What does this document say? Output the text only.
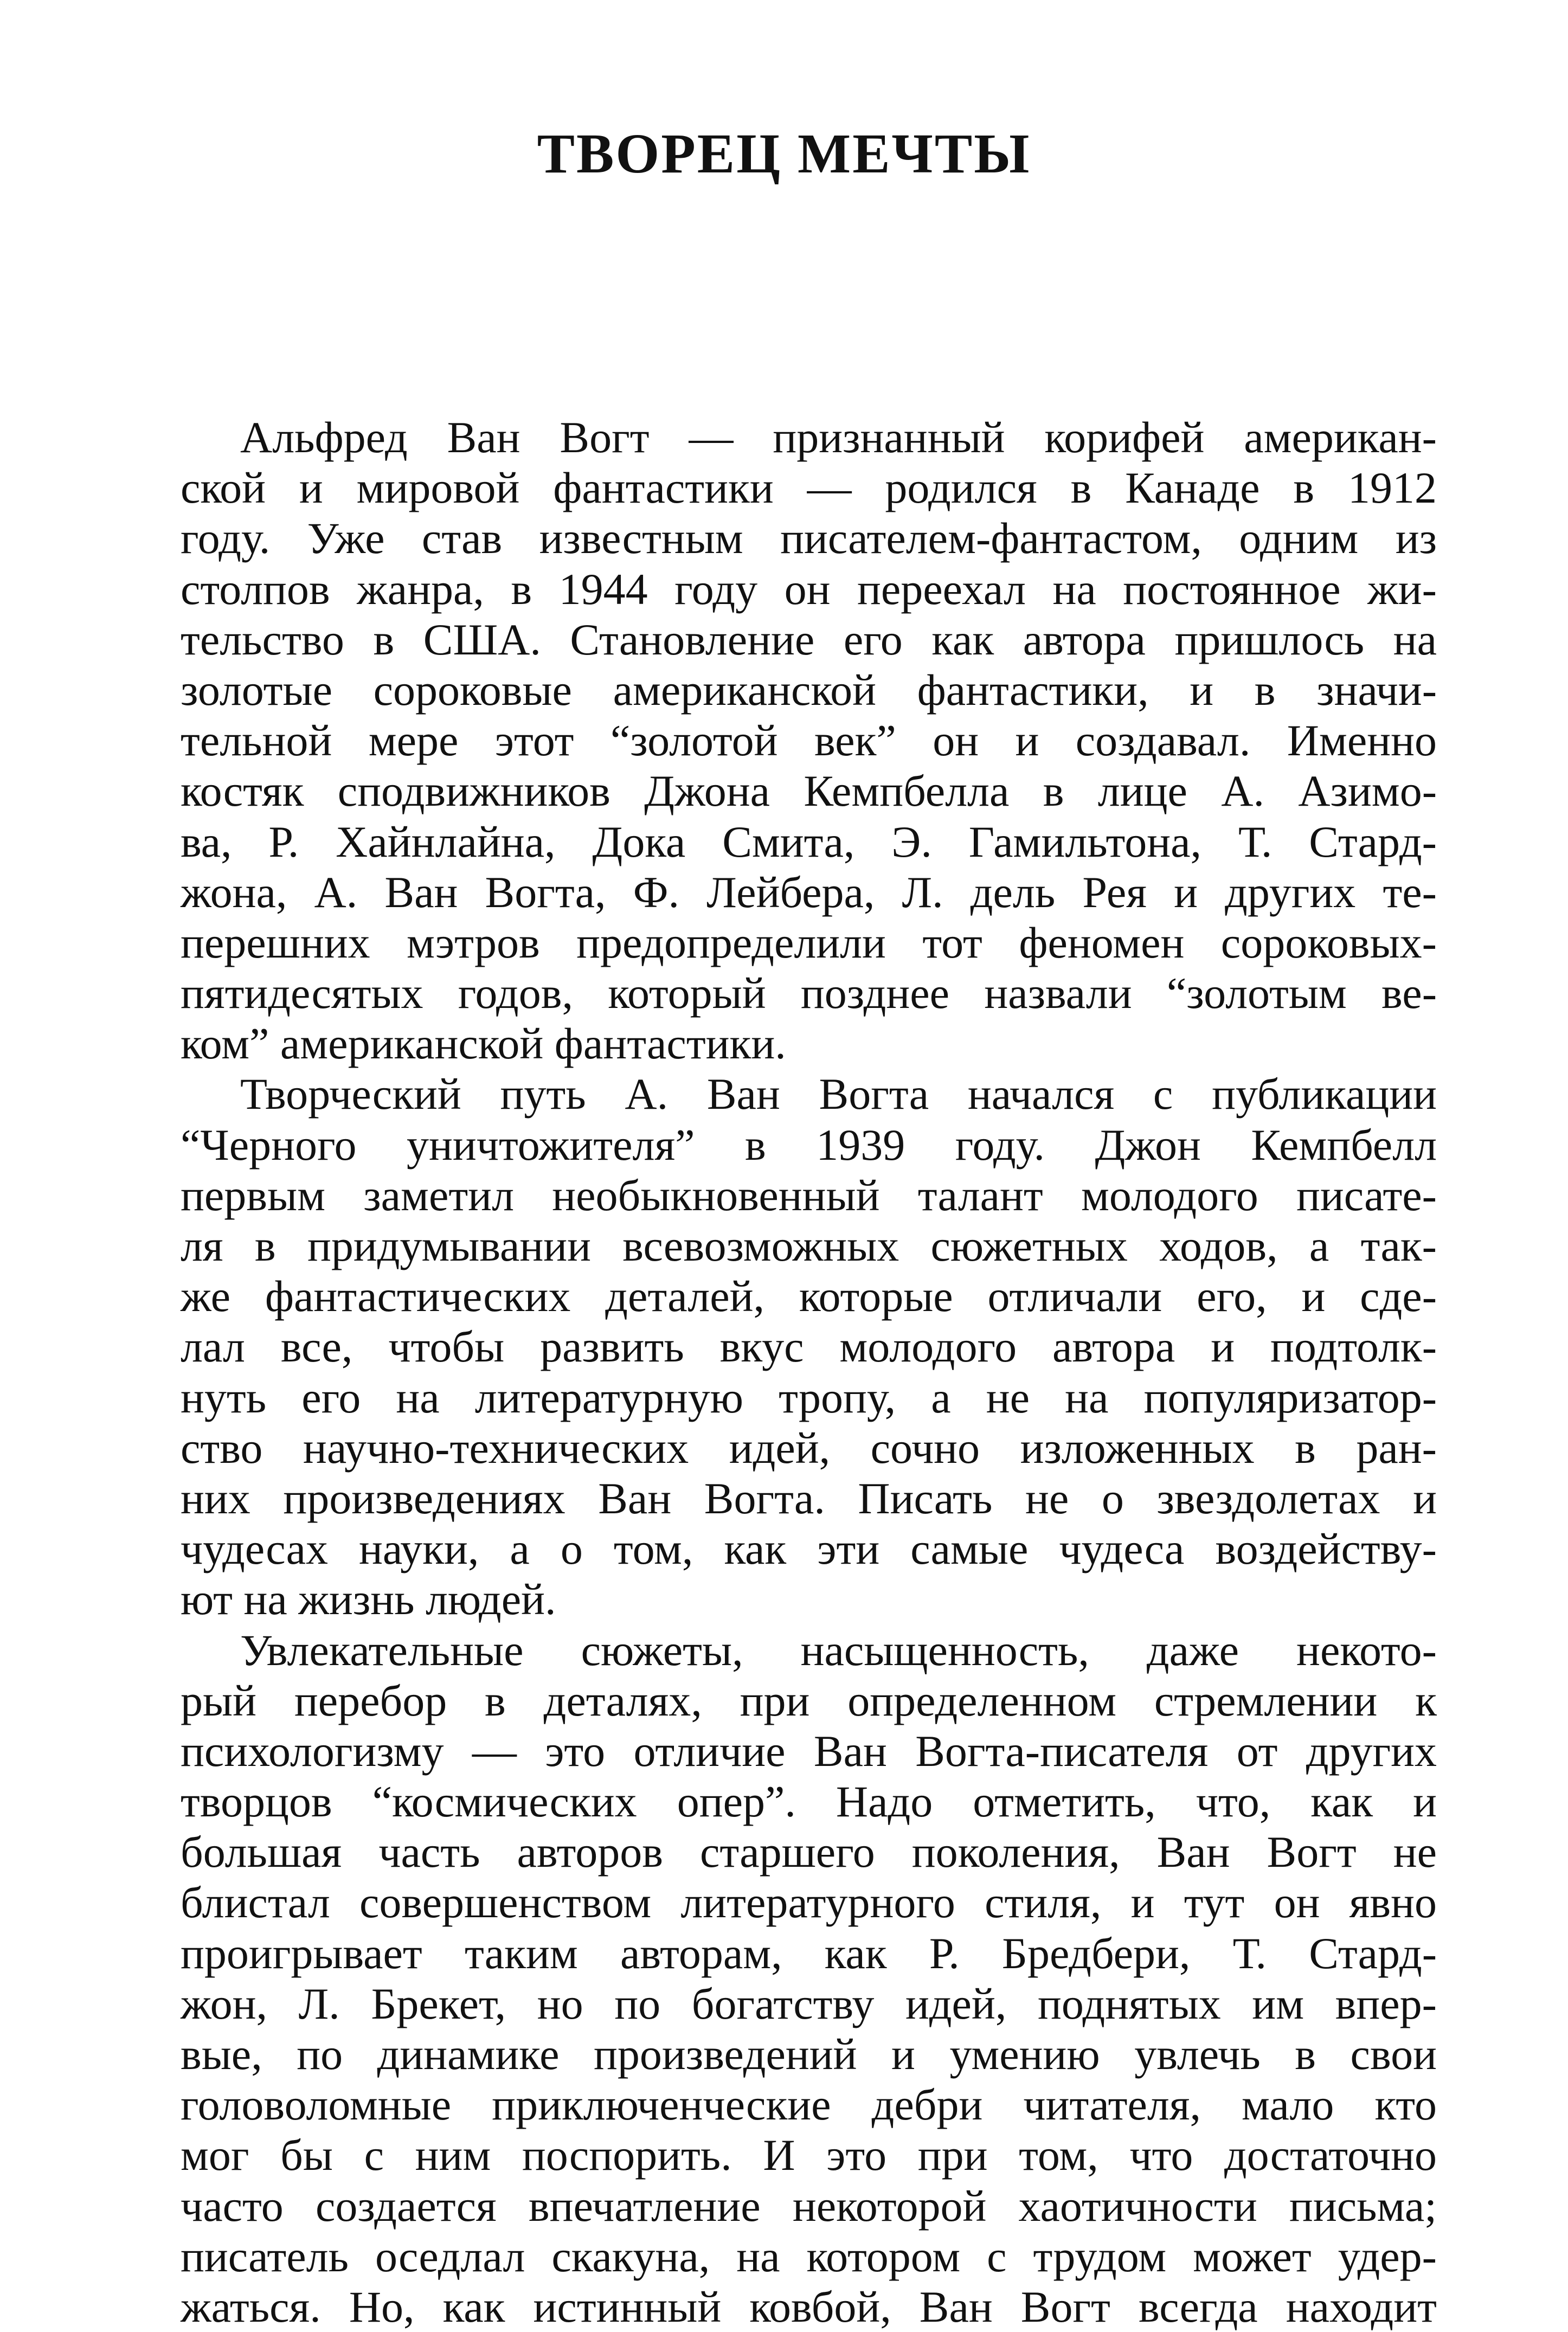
ТВОРЕЦ МЕЧТЫ
Альфред Ван Вогт — признанный корифей американ-
ской и мировой фантастики — родился в Канаде в 1912
году. Уже став известным писателем-фантастом, одним из
столпов жанра, в 1944 году он переехал на постоянное жи-
тельство в США. Становление его как автора пришлось на
золотые сороковые американской фантастики, и в значи-
тельной мере этот “золотой век” он и создавал. Именно
костяк сподвижников Джона Кемпбелла в лице А. Азимо-
ва, Р. Хайнлайна, Дока Смита, Э. Гамильтона, Т. Стард-
жона, А. Ван Вогта, Ф. Лейбера, Л. дель Рея и других те-
перешних мэтров предопределили тот феномен сороковых-
пятидесятых годов, который позднее назвали “золотым ве-
ком” американской фантастики.
Творческий путь А. Ван Вогта начался с публикации
“Черного уничтожителя” в 1939 году. Джон Кемпбелл
первым заметил необыкновенный талант молодого писате-
ля в придумывании всевозможных сюжетных ходов, а так-
же фантастических деталей, которые отличали его, и сде-
лал все, чтобы развить вкус молодого автора и подтолк-
нуть его на литературную тропу, а не на популяризатор-
ство научно-технических идей, сочно изложенных в ран-
них произведениях Ван Вогта. Писать не о звездолетах и
чудесах науки, а о том, как эти самые чудеса воздейству-
ют на жизнь людей.
Увлекательные сюжеты, насыщенность, даже некото-
рый перебор в деталях, при определенном стремлении к
психологизму — это отличие Ван Вогта-писателя от других
творцов “космических опер”. Надо отметить, что, как и
большая часть авторов старшего поколения, Ван Вогт не
блистал совершенством литературного стиля, и тут он явно
проигрывает таким авторам, как Р. Бредбери, Т. Стард-
жон, Л. Брекет, но по богатству идей, поднятых им впер-
вые, по динамике произведений и умению увлечь в свои
головоломные приключенческие дебри читателя, мало кто
мог бы с ним поспорить. И это при том, что достаточно
часто создается впечатление некоторой хаотичности письма;
писатель оседлал скакуна, на котором с трудом может удер-
жаться. Но, как истинный ковбой, Ван Вогт всегда находит
